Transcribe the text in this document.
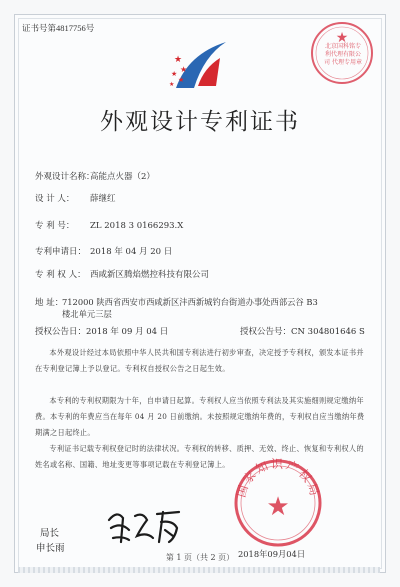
证书号第4817756号
★
北京国科铭专利代理有限公司 代理专用章
★
★
★
★
★
外观设计专利证书
外观设计名称：高能点火器（2）
设 计 人： 薛继红
专 利 号： ZL 2018 3 0166293.X
专利申请日： 2018 年 04 月 20 日
专 利 权 人： 西咸新区腾焰燃控科技有限公司
地 址：
712000 陕西省西安市西咸新区沣西新城钓台街道办事处西部云谷 B3 楼北单元三层
授权公告日：2018 年 09 月 04 日	授权公告号：CN 304801646 S
本外观设计经过本局依照中华人民共和国专利法进行初步审查，决定授予专利权，颁发本证书并在专利登记簿上予以登记。专利权自授权公告之日起生效。
本专利的专利权期限为十年，自申请日起算。专利权人应当依照专利法及其实施细则规定缴纳年费。本专利的年费应当在每年 04 月 20 日前缴纳。未按照规定缴纳年费的，专利权自应当缴纳年费期满之日起终止。
专利证书记载专利权登记时的法律状况。专利权的转移、质押、无效、终止、恢复和专利权人的姓名或名称、国籍、地址变更等事项记载在专利登记簿上。
局长
申长雨
★
国家知识产权局
2018年09月04日
第 1 页（共 2 页）
